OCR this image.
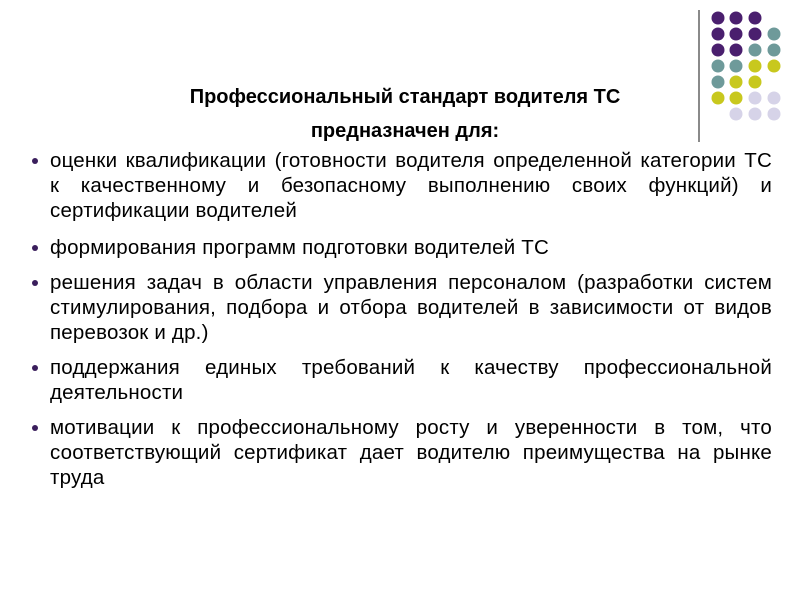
Профессиональный стандарт водителя ТС
предназначен для:
оценки квалификации (готовности водителя определенной категории ТС к качественному и безопасному выполнению своих функций) и сертификации водителей
формирования программ подготовки водителей ТС
решения задач в области управления персоналом (разработки систем стимулирования, подбора и отбора водителей в зависимости от видов перевозок и др.)
поддержания единых требований к качеству профессиональной деятельности
мотивации к профессиональному росту и уверенности в том, что соответствующий сертификат дает водителю преимущества на рынке труда
